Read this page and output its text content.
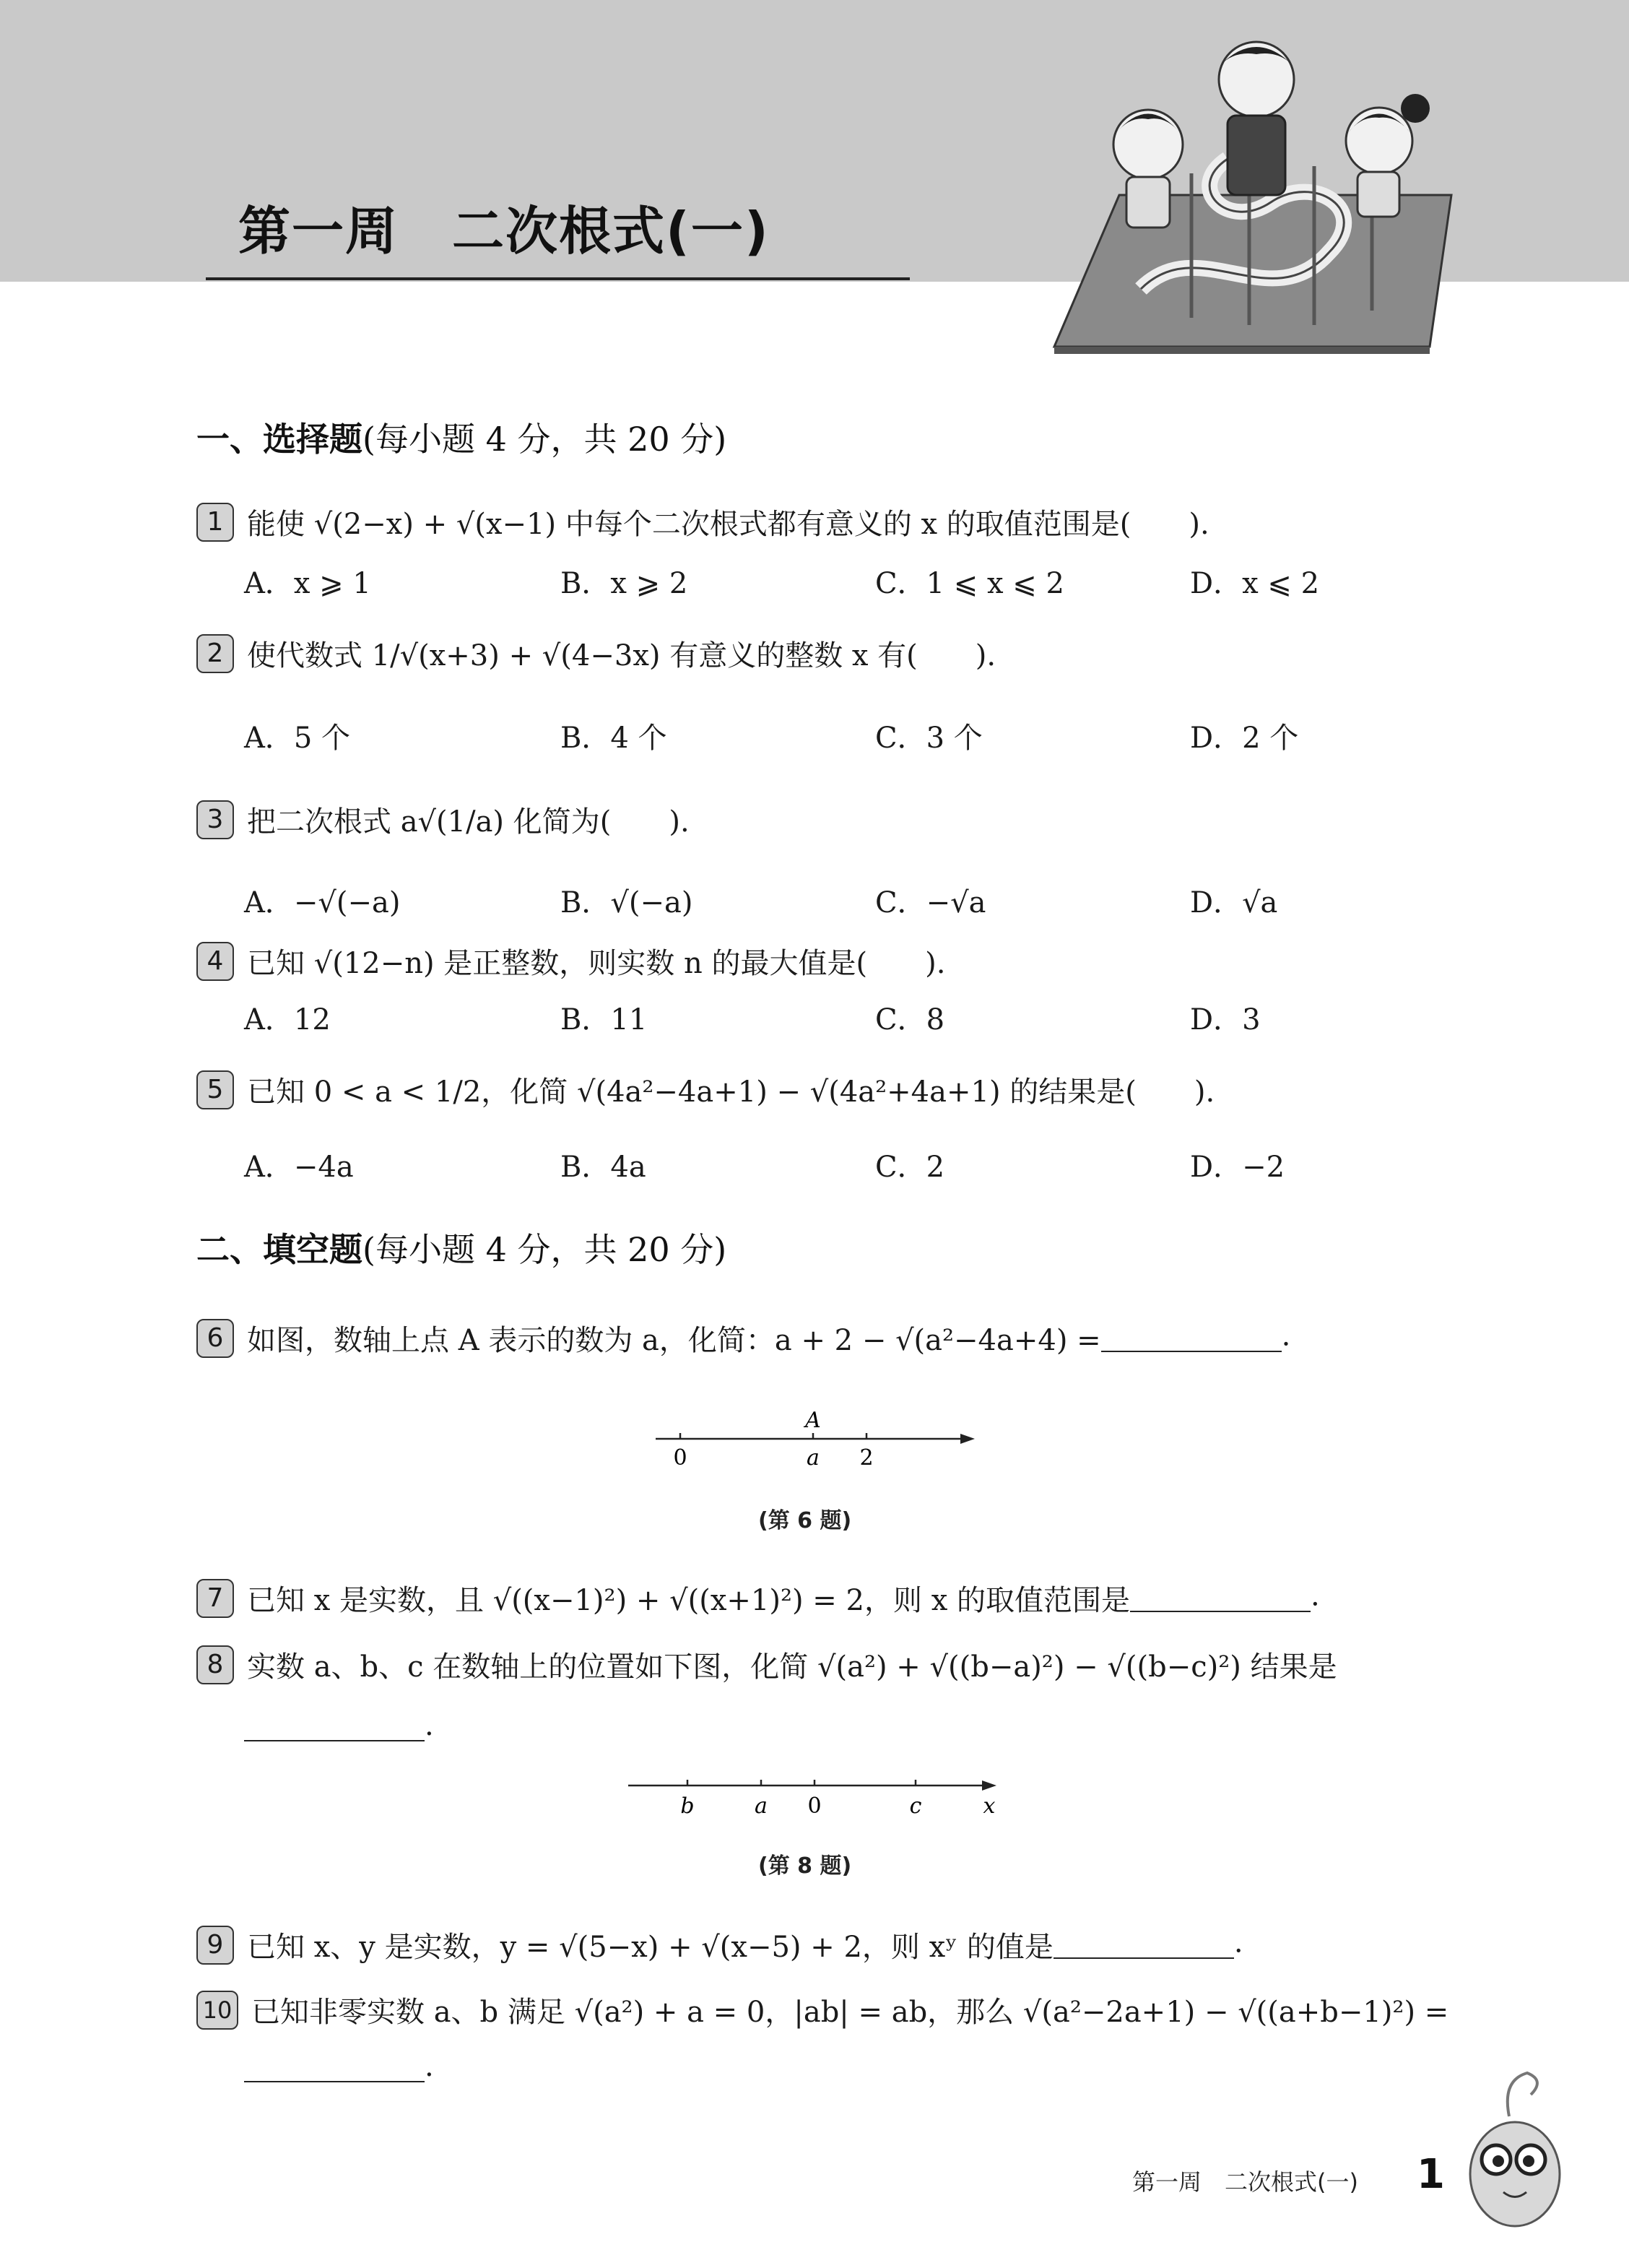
第一周　二次根式(一)
一、选择题(每小题 4 分，共 20 分)
1 能使 √(2−x) + √(x−1) 中每个二次根式都有意义的 x 的取值范围是(　　).
A．x ⩾ 1	B．x ⩾ 2	C．1 ⩽ x ⩽ 2	D．x ⩽ 2
2 使代数式 1/√(x+3) + √(4−3x) 有意义的整数 x 有(　　).
A．5 个	B．4 个	C．3 个	D．2 个
3 把二次根式 a√(1/a) 化简为(　　).
A．−√(−a)	B．√(−a)	C．−√a	D．√a
4 已知 √(12−n) 是正整数，则实数 n 的最大值是(　　).
A．12	B．11	C．8	D．3
5 已知 0 < a < 1/2，化简 √(4a²−4a+1) − √(4a²+4a+1) 的结果是(　　).
A．−4a	B．4a	C．2	D．−2
二、填空题(每小题 4 分，共 20 分)
6 如图，数轴上点 A 表示的数为 a，化简：a + 2 − √(a²−4a+4) =	.
A
0	a 2
(第 6 题)
7 已知 x 是实数，且 √((x−1)²) + √((x+1)²) = 2，则 x 的取值范围是	.
8 实数 a、b、c 在数轴上的位置如下图，化简 √(a²) + √((b−a)²) − √((b−c)²) 结果是
.
b	a 0	c	x
(第 8 题)
9 已知 x、y 是实数，y = √(5−x) + √(x−5) + 2，则 xʸ 的值是	.
10 已知非零实数 a、b 满足 √(a²) + a = 0，|ab| = ab，那么 √(a²−2a+1) − √((a+b−1)²) =
.
第一周　二次根式(一) 1
